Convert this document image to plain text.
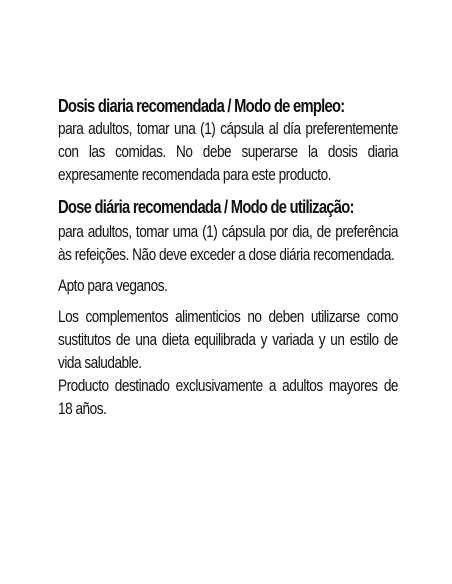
Dosis diaria recomendada / Modo de empleo:

para adultos, tomar una (1) cápsula al día preferentemente con las comidas. No debe superarse la dosis diaria expresamente recomendada para este producto.

Dose diária recomendada / Modo de utilização:

para adultos, tomar uma (1) cápsula por dia, de preferência às refeições. Não deve exceder a dose diária recomendada.

Apto para veganos.

Los complementos alimenticios no deben utilizarse como sustitutos de una dieta equilibrada y variada y un estilo de vida saludable.

Producto destinado exclusivamente a adultos mayores de 18 años.
